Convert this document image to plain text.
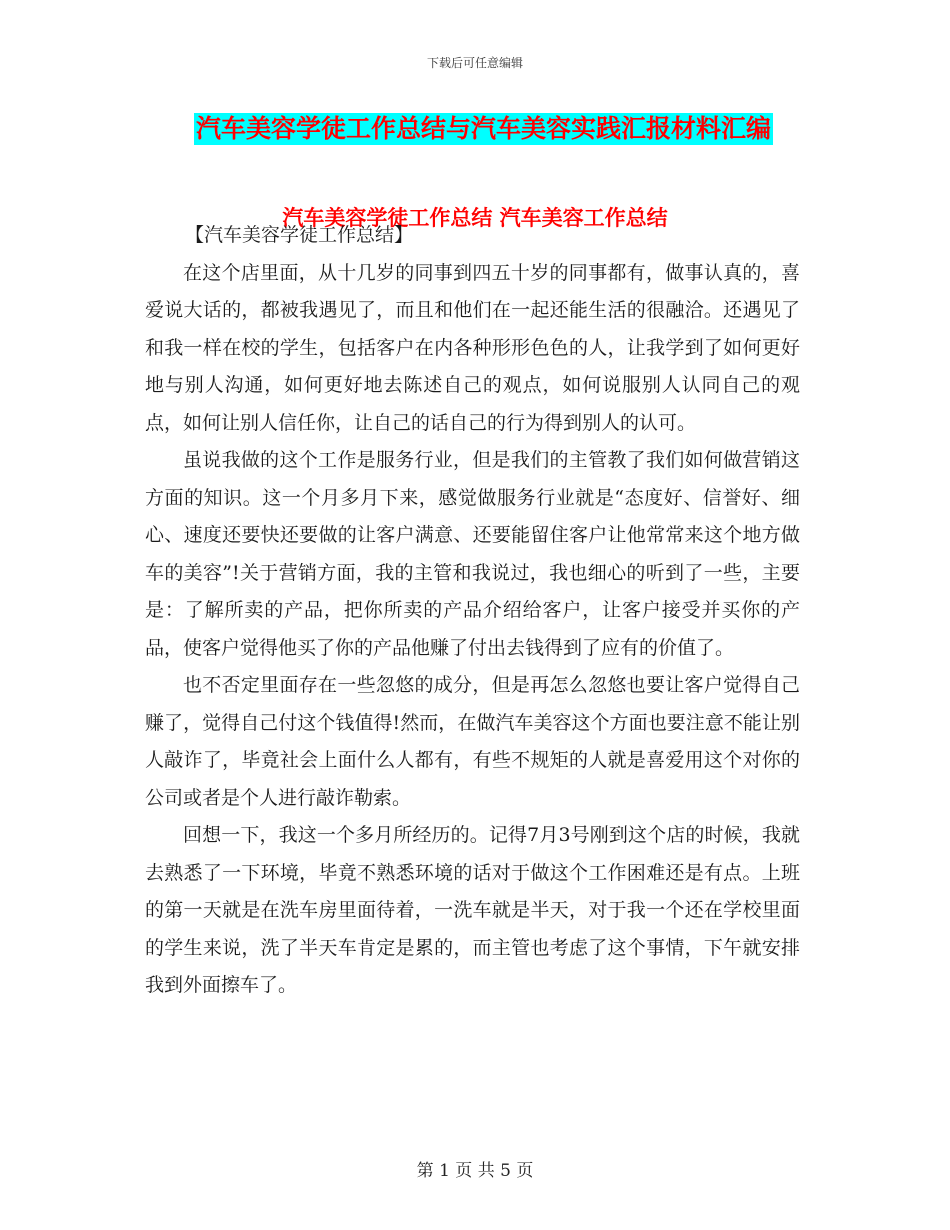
下载后可任意编辑
汽车美容学徒工作总结与汽车美容实践汇报材料汇编
汽车美容学徒工作总结 汽车美容工作总结

【汽车美容学徒工作总结】

在这个店里面，从十几岁的同事到四五十岁的同事都有，做事认真的，喜爱说大话的，都被我遇见了，而且和他们在一起还能生活的很融洽。还遇见了和我一样在校的学生，包括客户在内各种形形色色的人，让我学到了如何更好地与别人沟通，如何更好地去陈述自己的观点，如何说服别人认同自己的观点，如何让别人信任你，让自己的话自己的行为得到别人的认可。

虽说我做的这个工作是服务行业，但是我们的主管教了我们如何做营销这方面的知识。这一个月多月下来，感觉做服务行业就是“态度好、信誉好、细心、速度还要快还要做的让客户满意、还要能留住客户让他常常来这个地方做车的美容”!关于营销方面，我的主管和我说过，我也细心的听到了一些，主要是：了解所卖的产品，把你所卖的产品介绍给客户，让客户接受并买你的产品，使客户觉得他买了你的产品他赚了付出去钱得到了应有的价值了。

也不否定里面存在一些忽悠的成分，但是再怎么忽悠也要让客户觉得自己赚了，觉得自己付这个钱值得!然而，在做汽车美容这个方面也要注意不能让别人敲诈了，毕竟社会上面什么人都有，有些不规矩的人就是喜爱用这个对你的公司或者是个人进行敲诈勒索。

回想一下，我这一个多月所经历的。记得7月3号刚到这个店的时候，我就去熟悉了一下环境，毕竟不熟悉环境的话对于做这个工作困难还是有点。上班的第一天就是在洗车房里面待着，一洗车就是半天，对于我一个还在学校里面的学生来说，洗了半天车肯定是累的，而主管也考虑了这个事情，下午就安排我到外面擦车了。

第 1 页 共 5 页
